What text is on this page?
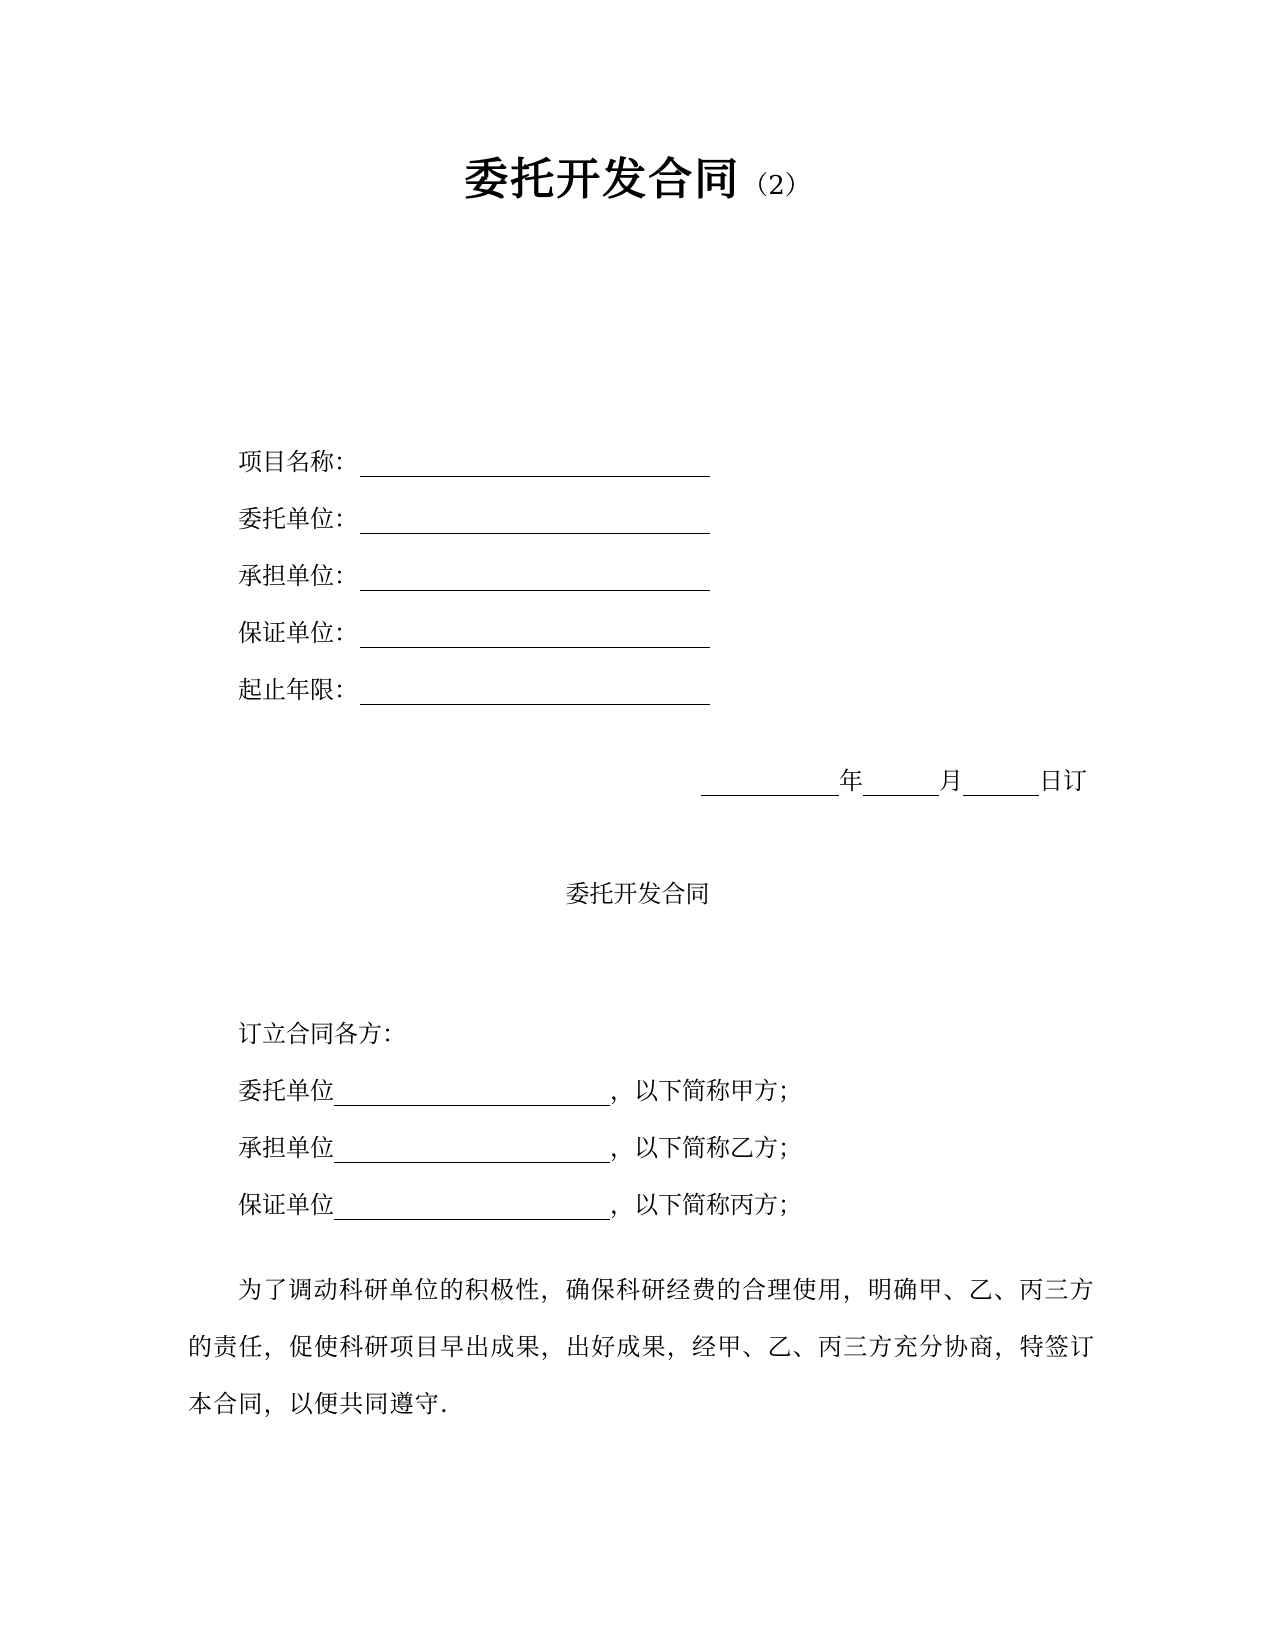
委托开发合同（2）
项目名称：
委托单位：
承担单位：
保证单位：
起止年限：
年	月	日订
委托开发合同
订立合同各方：
委托单位	，以下简称甲方；
承担单位	，以下简称乙方；
保证单位	，以下简称丙方；
为了调动科研单位的积极性，确保科研经费的合理使用，明确甲、乙、丙三方
的责任，促使科研项目早出成果，出好成果，经甲、乙、丙三方充分协商，特签订
本合同，以便共同遵守.
